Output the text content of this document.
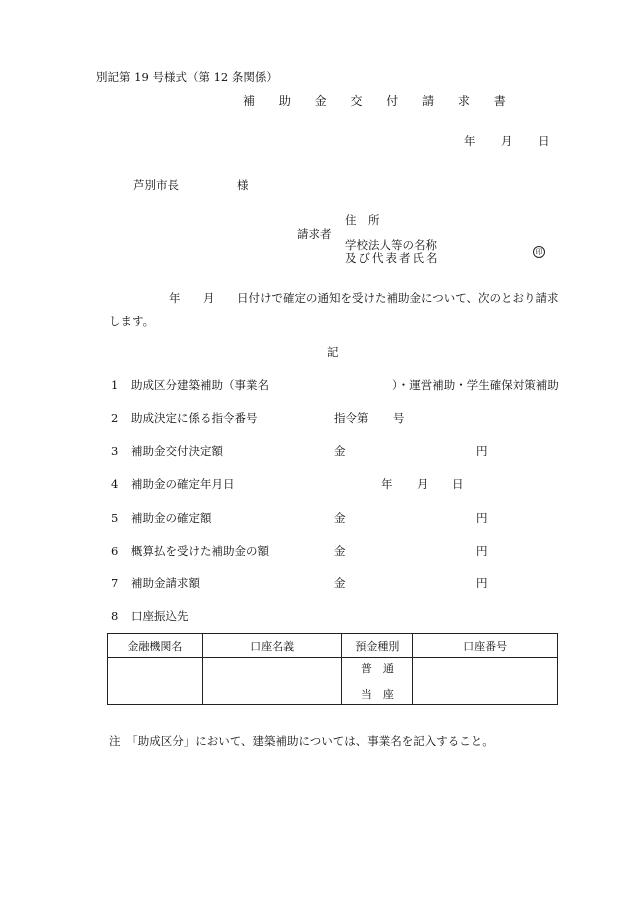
別記第 19 号様式（第 12 条関係）
補 助 金 交 付 請 求 書
年 月 日
芦別市長	様
請求者
住　所
学校法人等の名称
及び代表者氏名	印
年 月 日付けで確定の通知を受けた補助金について、次のとおり請求
します。
記
1 助成区分建築補助（事業名	）・運営補助・学生確保対策補助
2 助成決定に係る指令番号	指令第 号
3 補助金交付決定額	金	円
4 補助金の確定年月日	年 月 日
5 補助金の確定額	金	円
6 概算払を受けた補助金の額	金	円
7 補助金請求額	金	円
8 口座振込先
金融機関名	口座名義	預金種別	口座番号

		普　通
当　座	

注　「助成区分」において、建築補助については、事業名を記入すること。
